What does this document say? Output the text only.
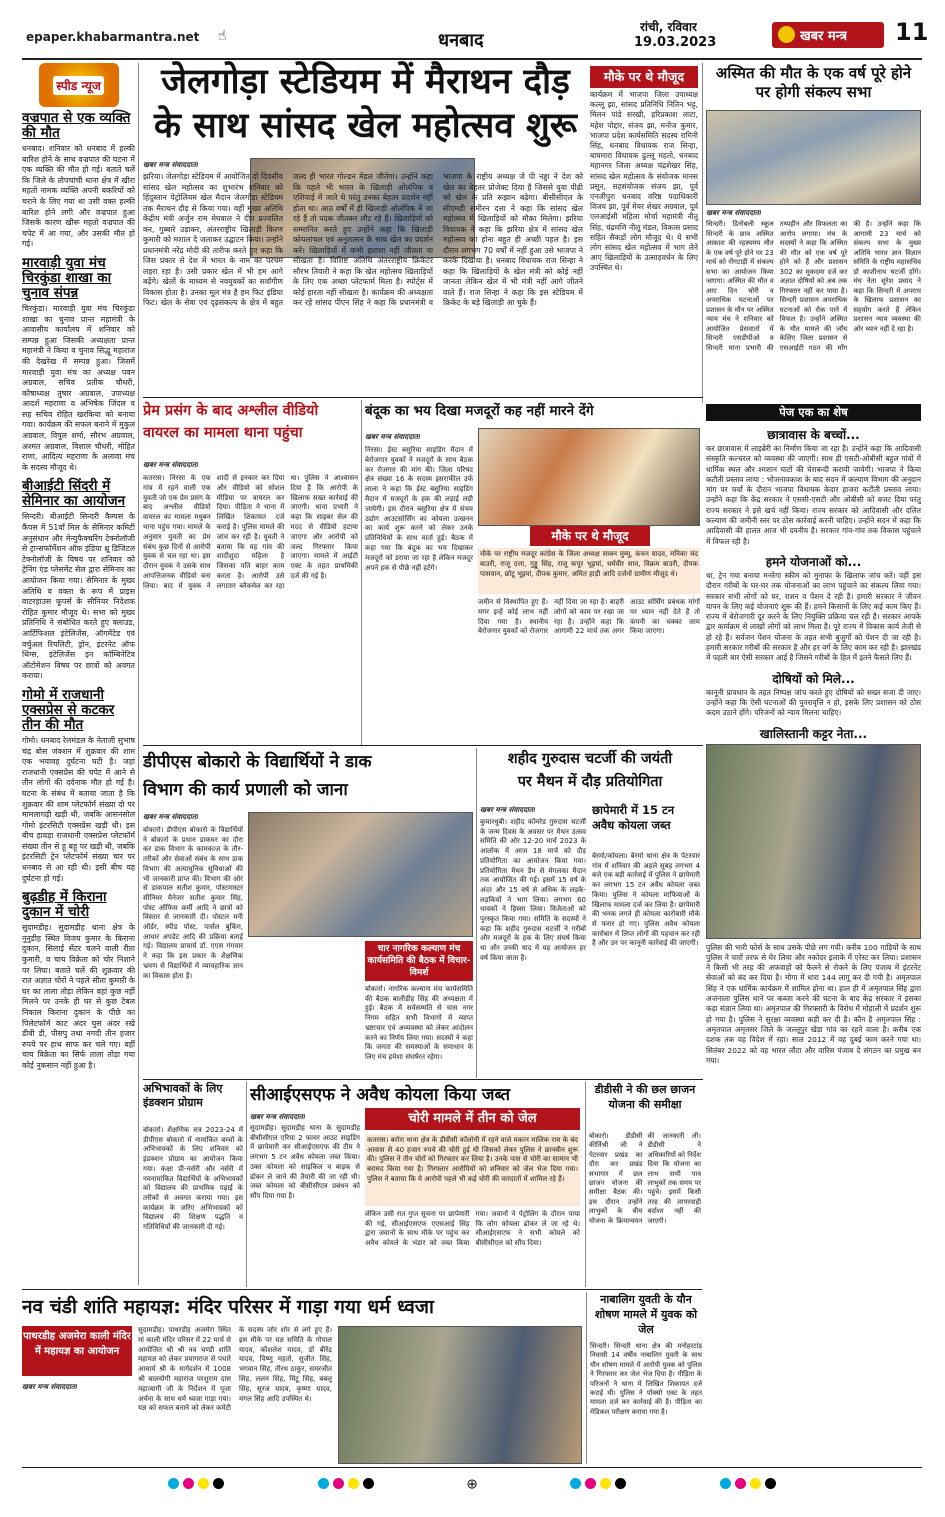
epaper.khabarmantra.net ☝	धनबाद
रांची, रविवार
19.03.2023	खबर मन्त्र 11
स्पीड न्यूज
वज्रपात से एक व्यक्ति की मौत
धनबाद। शनिवार को धनबाद में हल्की बारिश होने के साथ वज्रपात की घटना में एक व्यक्ति की मौत हो गई। बताते चलें कि जिले के तोपचांची थाना क्षेत्र में खीरा महतो नामक व्यक्ति अपनी बकरियों को चराने के लिए गया था उसी वक्त हल्की बारिश होने लगी और वज्रपात हुआ जिसके कारण खीरू महतो वज्रपात की चपेट में आ गया, और उसकी मौत हो गई।
मारवाड़ी युवा मंच चिरकुंडा शाखा का चुनाव संपन्न
चिरकुंडा। मारवाड़ी युवा मंच चिरकुंडा शाखा का चुनाव प्रान्त महामंत्री के आवासीय कार्यालय में शनिवार को सम्पन्न हुआ जिसकी अध्यक्षता प्रान्त महामंत्री ने किया व चुनाव सिद्धू महाराज की देखरेख में सम्पन्न हुआ। जिसमें मारवाड़ी युवा मंच का अध्यक्ष पवन अग्रवाल, सचिव प्रतीक चौधरी, कोषाध्यक्ष तुषार अग्रवाल, उपाध्यक्ष आदर्श महराणा व अभिषेक जिंदल व सह सचिव रोहित खरकिया को बनाया गया। कार्यक्रम की सफल बनाने में मुकुल अग्रवाल, विपुल शर्मा, सौरभ अग्रवाल, अश्मत अग्रवाल, विशाल चौधरी, मोहित राणा, आदित्य महराणा के अलावा मंच के सदस्य मौजूद थे।
बीआईटी सिंदरी में सेमिनार का आयोजन
सिन्दरी। बीआईटी सिन्दरी कैम्पस के कैंपस में 51वाँ मिल के सेमिनार कमिटी अनुसंधान और मेन्युफैक्चरिंग टेक्नोलॉजी से ट्रान्सफॉर्मेशन ऑफ इंडिया थ्रू डिजिटल टेक्नोलॉजी के विषय पर शनिवार को ट्रेनिंग एंड प्लेसमेंट सेल द्वारा सेमिनार का आयोजन किया गया। सेमिनार के मुख्य अतिथि व वक्ता के रूप में प्राइस वाटरहाउस कूपर्स के सीनियर निदेशक रोहित कुमार मौजूद थे। सभा को मुख्य प्रतिनिधि ने संबोधित करते हुए क्लाउड, आर्टिफिशल इंटेलिजेंस, ऑगमेंटेड एवं वर्चुअल रियलिटी, ड्रोन, इंटरनेट ऑफ थिंग्स, इंटेलिजेंस इन कॉम्बिनेटिव ऑटोमेशन विषय पर छात्रों को अवगत कराया।
गोमो में राजधानी एक्सप्रेस से कटकर तीन की मौत
गोमो। धनबाद रेलमंडल के नेताजी सुभाष चंद्र बोस जंक्शन में शुक्रवार की शाम एक भयावह दुर्घटना घटी है। जहां राजधानी एक्सप्रेस की चपेट में आने से तीन लोगों की दर्दनाक मौत हो गई है। घटना के संबंध में बताया जाता है कि शुक्रवार की शाम प्लेटफॉर्म संख्या दो पर मामलागढ़ी खड़ी थी, जबकि आसनसोल गोमो इंटरसिटी एक्सप्रेस खड़ी थी। इस बीच हावड़ा राजधानी एक्सप्रेस प्लेटफॉर्म संख्या तीन से हू बहू पर खड़ी थी, जबकि इंटरसिटी ट्रेन प्लेटफॉर्म संख्या चार पर धनबाद से आ रही थी। इसी बीच यह दुर्घटना हो गई।
बुढ़डीह में किराना दुकान में चोरी
सुदामडीह। सुदामडीह थाना क्षेत्र के नुनुडीह स्थित विजय कुमार के किराना दुकान, सिलाई सेंटर चलने वाली रीता कुमारी, व चाय विक्रेता को चोर निशाने पर लिया। बताते चलें की शुक्रवार की रात अज्ञात चोरों ने पहले सीता कुमारी के घर का ताला तोड़ा लेकिन वहां कुछ नहीं मिलने पर उनके ही घर से कुछ टेबल निकाल किराना दुकान के पीछे का पिलेटफॉर्म काट अंदर घुस अंदर रखे डीवी डी, पीसपु तथा नगदी तीन हजार रुपये पर हाथ साफ कर चले गए। वहीं चाय विक्रेता का सिर्फ ताला तोड़ा गया कोई नुकसान नहीं हुआ है।
जेलगोड़ा स्टेडियम में मैराथन दौड़
के साथ सांसद खेल महोत्सव शुरू
खबर मन्त्र संवाददाता
झरिया। जेलगोड़ा स्टेडियम में आयोजित दो दिवसीय सांसद खेल महोत्सव का शुभारंभ शनिवार को हिंदुस्तान पेट्रोलियम खेल मैदान जेलगोड़ा स्टेडियम तक मैराथन दौड़ से किया गया। वहीं मुख्य अतिथि केंद्रीय मंत्री अर्जुन राम मेघवाल ने दीप प्रज्वलित कर, गुब्बारे उड़ाकर, अंतरराष्ट्रीय खिलाड़ी किरण कुमारी को मशाल दे जलाकर उद्घाटन किया। उन्होंने प्रधानमंत्री नरेंद्र मोदी की तारीफ करते हुए कहा कि जिस प्रकार से देश में भारत के नाम का परचम लहरा रहा है। उसी प्रकार खेल में भी हम आगे बढ़ेंगे। खेलों के माध्यम से नवयुवकों का सर्वांगीण विकास होता है। उनका मूल मंत्र है हम फिट इंडिया फिट। खेल के सेवा एवं दृढ़संकल्प के क्षेत्र में बहुत जल्द ही भारत गोल्डन मेडल जीतेगा। उन्होंने कहा कि पहले भी भारत के खिलाड़ी ओलंपिक व एशियाई में जाते थे परंतु उनका बेहतर प्रदर्शन नहीं होता था। आठ वर्षों में ही खिलाड़ी ओलंपिक में जा रहे हैं तो पदक जीतकर लौट रहे हैं। खिलाड़ियों को सम्मानित करते हुए उन्होंने कहा कि खिलाड़ी कोयलांचल एवं अनुशासन के साथ खेल का प्रदर्शन करें। खिलाड़ियों में कभी हताशा नहीं जीतता या सीखता है। विशिष्ट अतिथि अंतरराष्ट्रीय क्रिकेटर सौरभ तिवारी ने कहा कि खेल महोत्सव खिलाड़ियों के लिए एक अच्छा प्लेटफार्म मिला है। स्पोर्ट्स में कोई हारता नहीं सीखता है। कार्यक्रम की अध्यक्षता कर रहे सांसद पीएन सिंह ने कहा कि प्रधानमंत्री व भाजपा के राष्ट्रीय अध्यक्ष जे पी नड्डा ने देश को खेल का बेहतर प्रोजेक्ट दिया है जिससे युवा पीढ़ी को खेल के प्रति रूझान बढ़ेगा। बीसीसीएल के सीएमडी समीरन दत्ता ने कहा कि सांसद खेल महोत्सव में खिलाड़ियों को मौका मिलेगा। झरिया विधायक ने कहा कि झरिया क्षेत्र में सांसद खेल महोत्सव का होना बहुत ही अच्छी पहल है। इस दौरान लगभग 70 वर्षों में नहीं हुआ उसे भाजपा ने करके दिखाया है। धनबाद विधायक राज सिन्हा ने कहा कि खिलाड़ियों के खेल मंत्री को कोई नहीं जानता लेकिन खेल में भी मंत्री नहीं आगे जीतने वाले हैं। राज सिन्हा ने कहा कि इस स्टेडियम में क्रिकेट के बड़े खिलाड़ी आ चुके हैं।
मौके पर थे मौजूद
कार्यक्रम में भाजपा जिला उपाध्यक्ष कल्लू झा, सांसद प्रतिनिधि नितिन भट्ट, मिलन पांडे सरखी, हरिप्रकाश लाटा, महेश पोद्दार, संजय झा, मनोज कुमार, भाजपा प्रदेश कार्यसमिति सदस्य रागिनी सिंह, धनबाद विधायक राज सिन्हा, बाघमारा विधायक ढुल्लू महतो, धनबाद महानगर जिला अध्यक्ष चंद्रशेखर सिंह, सांसद खेल महोत्सव के संयोजक मानस प्रसून, सहसंयोजक संजय झा, पूर्व एनजीपुरा धनबाद वरिष्ठ पदाधिकारी विजय झा, पूर्व मेयर शेखर अग्रवाल, पूर्व एलआईसी महिला मोर्चा महामंत्री नीतू सिंह, चंद्रमणि नीलू मंडल, विकास प्रसाद सहित सैकड़ों लोग मौजूद थे। ये सभी लोग सांसद खेल महोत्सव में भाग लेने आए खिलाड़ियों के उत्साहवर्धन के लिए उपस्थित थे।
अस्मित की मौत के एक वर्ष पूरे होने पर होगी संकल्प सभा
खबर मन्त्र संवाददाता
सिन्दरी। डिनोबली स्कूल सिन्दरी के छात्र अस्मित आकाश की रहस्यमय मौत के एक वर्ष पूरे होने पर 23 मार्च को रोंगटाड़ी में संकल्प सभा का आयोजन किया जाएगा। अस्मित की मौत व आए दिन चोरी व अपराधिक घटनाओं पर प्रशासन के मौन पर अस्मित न्याय मंच ने शनिवार को आयोजित प्रेसवार्ता में सिन्दरी एसडीपीओ व सिन्दरी थाना प्रभारी की तथ्यहीन और विफलता का आरोप लगाया। मंच के सदस्यों ने कहा कि अस्मित की मौत को एक वर्ष पूरे होने को हैं और प्रशासन 302 का मुकदमा दर्ज कर अज्ञात दोषियों को अब तक गिरफ्तार नहीं कर पाया है। सिन्दरी प्रशासन अपराधिक घटनाओं को रोक पाने में विफल है। उन्होंने अस्मित के मौत मामले की जाँच केलिए जिला प्रशासन से एसआईटी गठन की माँग की है। उन्होंने कहा कि आगामी 23 मार्च को संकल्प सभा के मुख्य अतिथि भारत ज्ञान विज्ञान समिति के राष्ट्रीय महासचिव डॉ काशीनाथ चटर्जी होंगे। मंच नेता सुरेश प्रसाद ने कहा कि सिन्दरी में अपराध के खिलाफ प्रशासन का सहयोग करते हैं लेकिन प्रशासन न्याय व्यवस्था की ओर ध्यान नहीं दे रहा है।
पेज एक का शेष
छात्रावास के बच्चों...
कर छात्रावास में लाइब्रेरी का निर्माण किया जा रहा है। उन्होंने कहा कि आदिवासी संस्कृति कल्चरल को व्यवस्था की जाएगी। साथ ही एसटी-ओबीसी बहुल गांवों में धार्मिक स्थल और श्मशान घाटों की घेराबन्दी करायी जायेगी। भाजपा ने किया कटौती प्रस्ताव लाया : भोजनावकाश के बाद सदन में कल्याण विभाग की अनुदान मांग पर चर्चा के दौरान भाजपा विधायक केदार हाजरा कटौती प्रस्ताव लाया। उन्होंने कहा कि केंद्र सरकार ने एससी-एसटी और ओबीसी को बजट दिया परंतु राज्य सरकार ने इसे खर्च नहीं किया। राज्य सरकार को आदिवासी और दलित कल्याण की जमीनी स्तर पर ठोस कार्रवाई करनी चाहिए। उन्होंने सदन में कहा कि आदिवासी की हालत आज भी दयनीय है। सरकार गांव-गांव तक विकास पहुंचाने में विफल रही है।
हमने योजनाओं को...
था, ट्रेन गया बनाया मनरेगा स्कीम को मुनाफा के खिलाफ जांच करें। वहीं इस दौरान गरीबों के घर-घर तक योजनाओं का लाभ पहुंचाने का संकल्प लिया गया। सरकार सभी लोगों को घर, राशन व पेंशन दे रही है। हमारी सरकार ने जीवन यापन के लिए कई योजनाएं शुरू की हैं। हमने किसानों के लिए कई काम किए हैं। राज्य में बेरोजगारी दूर करने के लिए नियुक्ति प्रक्रिया चल रही है। सरकार आपके द्वार कार्यक्रम से लाखों लोगों को लाभ मिला है। पूरे राज्य में विकास कार्य तेजी से हो रहे हैं। सर्वजन पेंशन योजना के तहत सभी बुजुर्गों को पेंशन दी जा रही है। हमारी सरकार गरीबों की सरकार है और हर वर्ग के लिए काम कर रही है। झारखंड में पहली बार ऐसी सरकार आई है जिसने गरीबों के हित में इतने फैसले लिए हैं।
दोषियों को मिले...
कानूनी प्रावधान के तहत निष्पक्ष जांच करते हुए दोषियों को सख्त सजा दी जाए। उन्होंने कहा कि ऐसी घटनाओं की पुनरावृत्ति न हो, इसके लिए प्रशासन को ठोस कदम उठाने होंगे। परिजनों को न्याय मिलना चाहिए।
खालिस्तानी कट्टर नेता...
पुलिस की भारी फोर्स के साथ उसके पीछे लग गयी। करीब 100 गाड़ियों के साथ पुलिस ने चारों तरफ से घेर लिया और नकोदर इलाके में एरेस्ट कर लिया। प्रशासन ने किसी भी तरह की अफवाहों को फैलने से रोकने के लिए पंजाब में इंटरनेट सेवाओं को बंद कर दिया है। मोगा में धारा 144 लागू कर दी गयी है। अमृतपाल सिंह ने एक धार्मिक कार्यक्रम में शामिल होना था। हाल ही में अमृतपाल सिंह द्वारा अजनाला पुलिस थाने पर कब्जा करने की घटना के बाद केंद्र सरकार ने इसका कड़ा संज्ञान लिया था। अमृतपाल की गिरफ्तारी के विरोध में मोहाली में प्रदर्शन शुरू हो गया है। पुलिस ने सुरक्षा व्यवस्था कड़ी कर दी है। कौन है अमृतपाल सिंह : अमृतपाल अमृतसर जिले के जल्लूपुर खेड़ा गांव का रहने वाला है। करीब एक दशक तक वह विदेश में रहा। साल 2012 में वह दुबई काम करने गया था। सितंबर 2022 को वह भारत लौटा और वारिस पंजाब दे संगठन का प्रमुख बन गया।
प्रेम प्रसंग के बाद अश्लील वीडियो
वायरल का मामला थाना पहुंचा
खबर मन्त्र संवाददाता
कतरास। निरसा के एक गांव में रहने वाली एक युवती जो एक प्रेम प्रसंग के बाद अश्लील वीडियो वायरल का मामला मधुबन थाना पहुंच गया। मामले के अनुसार युवती का प्रेम संबंध कुछ दिनों से आरोपी युवक से चल रहा था। इस दौरान युवक ने उसके साथ आपत्तिजनक वीडियो बना लिया। बाद में युवक ने शादी से इनकार कर दिया और वीडियो को सोशल मीडिया पर वायरल कर दिया। पीड़िता ने थाना में लिखित शिकायत दर्ज कराई है। पुलिस मामले की जांच कर रही है। युवती ने बताया कि वह गांव की शादीशुदा महिला है जिसका पति बाहर काम करता है। आरोपी उसे लगातार ब्लैकमेल कर रहा था। पुलिस ने आश्वासन दिया है कि आरोपी के खिलाफ सख्त कार्रवाई की जाएगी। थाना प्रभारी ने कहा कि साइबर सेल की मदद से वीडियो हटाया जाएगा और आरोपी को जल्द गिरफ्तार किया जाएगा। मामले में आईटी एक्ट के तहत प्राथमिकी दर्ज की गई है।
बंदूक का भय दिखा मजदूरों कह नहीं मारने देंगे
खबर मन्त्र संवाददाता
निरसा। ईस्ट बसुरिया साइडिंग मैदान में बेरोजगार युवकों ने मजदूरों के साथ बैठक कर रोजगार की मांग की। जिला परिषद क्षेत्र संख्या 16 के सदस्य इसराफील उर्फ लाला ने कहा कि ईस्ट बसुरिया साइडिंग मैदान में मजदूरों के हक की लड़ाई लड़ी जायेगी। इस दौरान बसुरिया क्षेत्र में संचय उद्योग आउटसोर्सिंग का कोयला उत्खनन का कार्य शुरू करने को लेकर उनके प्रतिनिधियों के साथ वार्ता हुई। बैठक में कहा गया कि बंदूक का भय दिखाकर मजदूरों को डराया जा रहा है लेकिन मजदूर अपने हक से पीछे नहीं हटेंगे।
मौके पर थे मौजूद
मौके पर राष्ट्रीय मजदूर कांग्रेस के जिला अध्यक्ष साबन मुम्मू, कंचन यादव, मनिका चंद बाउरी, राजू दत्ता, गुड्डू सिंह, राजू कपूर भूइयां, धर्मवीर साव, विक्रम बाउरी, दीपक पासवान, छोटू भूइयां, दीपक कुमार, अमित हाड़ी आदि दर्जनों ग्रामीण मौजूद थे।
जमीन से विस्थापित हुए हैं। मगर इन्हें कोई लाभ नहीं दिया गया है। स्थानीय बेरोजगार युवकों को रोजगार नहीं दिया जा रहा है। बाहरी लोगों को काम पर रखा जा रहा है। उन्होंने कहा कि आगामी 22 मार्च तक अगर आउट सोर्सिंग प्रबंधक मांगों पर ध्यान नहीं देते हैं तो कंपनी का चक्का जाम किया जाएगा।
डीपीएस बोकारो के विद्यार्थियों ने डाक
विभाग की कार्य प्रणाली को जाना
खबर मन्त्र संवाददाता
बोकारो। डीपीएस बोकारो के विद्यार्थियों ने बोकारो के प्रधान डाकघर का दौरा कर डाक विभाग के कामकाज के तौर-तरीकों और सेवाओं संबंध के साथ डाक विभाग की अत्याधुनिक सुविधाओं की भी जानकारी प्राप्त की। विभाग की ओर से डाकपाल सतीश कुमार, पोस्टमास्टर सीनियर मैनेजर सतीश कुमार सिंह, पोस्ट ऑफिस कर्मी आदि ने छात्रों को विस्तार से जानकारी दी। पोस्टल मनी ऑर्डर, स्पीड पोस्ट, पार्सल बुकिंग, आधार अपडेट आदि की प्रक्रिया बताई गई। विद्यालय प्राचार्य डॉ. एएस गंगवार ने कहा कि इस प्रकार के शैक्षणिक भ्रमण से विद्यार्थियों में व्यावहारिक ज्ञान का विकास होता है।
चार नागरिक कल्याण मंच कार्यसमिति की बैठक में विचार-विमर्श
बोकारो। नागरिक कल्याण मंच कार्यसमिति की बैठक बालीडीह सिंह की अध्यक्षता में हुई। बैठक में सर्वसम्मति से चास नगर निगम सहित सभी विभागों में व्याप्त भ्रष्टाचार एवं अव्यवस्था को लेकर आंदोलन करने का निर्णय लिया गया। सदस्यों ने कहा कि जनता की समस्याओं के समाधान के लिए मंच हमेशा संघर्षरत रहेगा।
शहीद गुरुदास चटर्जी की जयंती
पर मैथन में दौड़ प्रतियोगिता
खबर मन्त्र संवाददाता
कुमारधुबी। शहीद कॉमरेड गुरुदास चटर्जी के जन्म दिवस के अवसर पर मैथन उत्सव समिति की ओर 12-20 मार्च 2023 के आलोक में आज 18 मार्च को दौड़ प्रतियोगिता का आयोजन किया गया। प्रतियोगिता मैथन डैम से मेगलका मैदान तक आयोजित की गई। इसमें 15 वर्ष के अंदर और 15 वर्ष से अधिक के लड़के-लड़कियों ने भाग लिया। लगभग 60 धावकों ने हिस्सा लिया। विजेताओं को पुरस्कृत किया गया। समिति के सदस्यों ने कहा कि शहीद गुरुदास चटर्जी ने गरीबों और मजदूरों के हक के लिए संघर्ष किया था और उनकी याद में यह आयोजन हर वर्ष किया जाता है।
छापेमारी में 15 टन अवैध कोयला जब्त
बेरमो/कोयला। बेरमो थाना क्षेत्र के पेटरवार गांव में शनिवार की अहले सुबह लगभग 4 बजे एक बड़ी कार्रवाई में पुलिस ने छापेमारी कर लगभग 15 टन अवैध कोयला जब्त किया। पुलिस ने कोयला माफियाओं के खिलाफ मामला दर्ज कर लिया है। छापेमारी की भनक लगते ही कोयला कारोबारी मौके से फरार हो गए। पुलिस अवैध कोयला कारोबार में लिप्त लोगों की पहचान कर रही है और उन पर कानूनी कार्रवाई की जाएगी।
अभिभावकों के लिए इंडक्शन प्रोग्राम
बोकारो। शैक्षणिक सत्र 2023-24 में डीपीएस बोकारो में नामांकित बच्चों के अभिभावकों के लिए शनिवार को इंडक्शन प्रोग्राम का आयोजन किया गया। कक्षा प्री-नर्सरी और नर्सरी में नवनामांकित विद्यार्थियों के अभिभावकों को विद्यालय की प्राथमिक पढ़ाई के तरीकों से अवगत कराया गया। इस कार्यक्रम के जरिए अभिभावकों को विद्यालय की शिक्षण पद्धति व गतिविधियों की जानकारी दी गई।
सीआईएसएफ ने अवैध कोयला किया जब्त
चोरी मामले में तीन को जेल
खबर मन्त्र संवाददाता
सुदामडीह। सुदामडीह थाना के सुदामडीह बीसीसीएल एरिया 2 फायर आउट साइडिंग में छापेमारी कर सीआईएसएफ की टीम ने लगभग 5 टन अवैध कोयला जब्त किया। उक्त कोयला को साइकिल व बाइक से ढोकर ले जाने की तैयारी की जा रही थी। जब्त कोयला को बीसीसीएल प्रबंधन को सौंप दिया गया है।
कतरास। बरोरा थाना क्षेत्र के डीवीसी कॉलोनी में रहने वाले मकान मालिक राम के बंद आवास से 40 हजार रुपये की चोरी हुई थी जिसको लेकर पुलिस ने छानबीन शुरू की। पुलिस ने तीन चोरों को गिरफ्तार कर लिया है। उनके पास से चोरी का सामान भी बरामद किया गया है। गिरफ्तार आरोपियों को शनिवार को जेल भेज दिया गया। पुलिस ने बताया कि ये आरोपी पहले भी कई चोरी की वारदातों में शामिल रहे हैं।
लेकिन उसी रात गुप्त सूचना पर छापेमारी की गई, सीआईएसएफ एएसआई सिंह द्वारा जवानों के साथ मौके पर पहुंच कर अवैध कोयले के भंडार को जब्त किया गया। जवानों ने पेट्रोलिंग के दौरान पाया कि लोग कोयला ढोकर ले जा रहे थे। सीआईएसएफ ने सभी कोयले को बीसीसीएल को सौंप दिया।
डीडीसी ने की छल छाजन योजना की समीक्षा
बोकारो। डीडीसी कीर्तिश्री जी ने पेटरवार प्रखंड का दौरा कर प्रखंड सभागार में छल छाजन योजना की समीक्षा बैठक की। इस दौरान उन्होंने लाभुकों के बीच योजना के क्रियान्वयन की जानकारी ली। डीडीसी ने अधिकारियों को निर्देश दिया कि योजना का लाभ सभी पात्र लाभुकों तक समय पर पहुंचे। इसमें किसी तरह की लापरवाही बर्दाश्त नहीं की जाएगी।
नव चंडी शांति महायज्ञ: मंदिर परिसर में गाड़ा गया धर्म ध्वजा
पाथरडीह अजमेरा काली मंदिर में महायज्ञ का आयोजन
खबर मन्त्र संवाददाता
सुदामडीह। पाथरडीह अजमेरा स्थित मां काली मंदिर परिसर में 22 मार्च से आयोजित श्री श्री नव चण्डी शांति महायज्ञ को लेकर प्रयागराज से पधारे आचार्य श्री के मार्गदर्शन में 1008 श्री बालयोगी महाराज परशुराम दास महात्यागी जी के निर्देशन में पूजा अर्चना के साथ धर्म ध्वजा गाड़ा गया। यज्ञ को सफल बनाने को लेकर कमेटी के सदस्य जोर शोर से लगे हुए हैं। इस मौके पर यज्ञ समिति के गोपाल यादव, कौशलेश यादव, डॉ बीरेंद्र यादव, विष्णु महतो, सुजीत सिंह, भगवान सिंह, तीरथ ठाकुर, समरजीत सिंह, ललन सिंह, मिंटू सिंह, बबलू सिंह, सूरज यादव, कृष्णा यादव, मंगल सिंह आदि उपस्थित थे।
नाबालिग युवती के यौन शोषण मामले में युवक को जेल
सिन्दरी। सिन्दरी थाना क्षेत्र की मनोहरटांड़ निवासी 14 वर्षीय नाबालिग युवती के साथ यौन शोषण मामले में आरोपी युवक को पुलिस ने गिरफ्तार कर जेल भेज दिया है। पीड़िता के परिजनों ने थाना में लिखित शिकायत दर्ज कराई थी। पुलिस ने पॉक्सो एक्ट के तहत मामला दर्ज कर कार्रवाई की है। पीड़िता का मेडिकल परीक्षण कराया गया है।
⊕
